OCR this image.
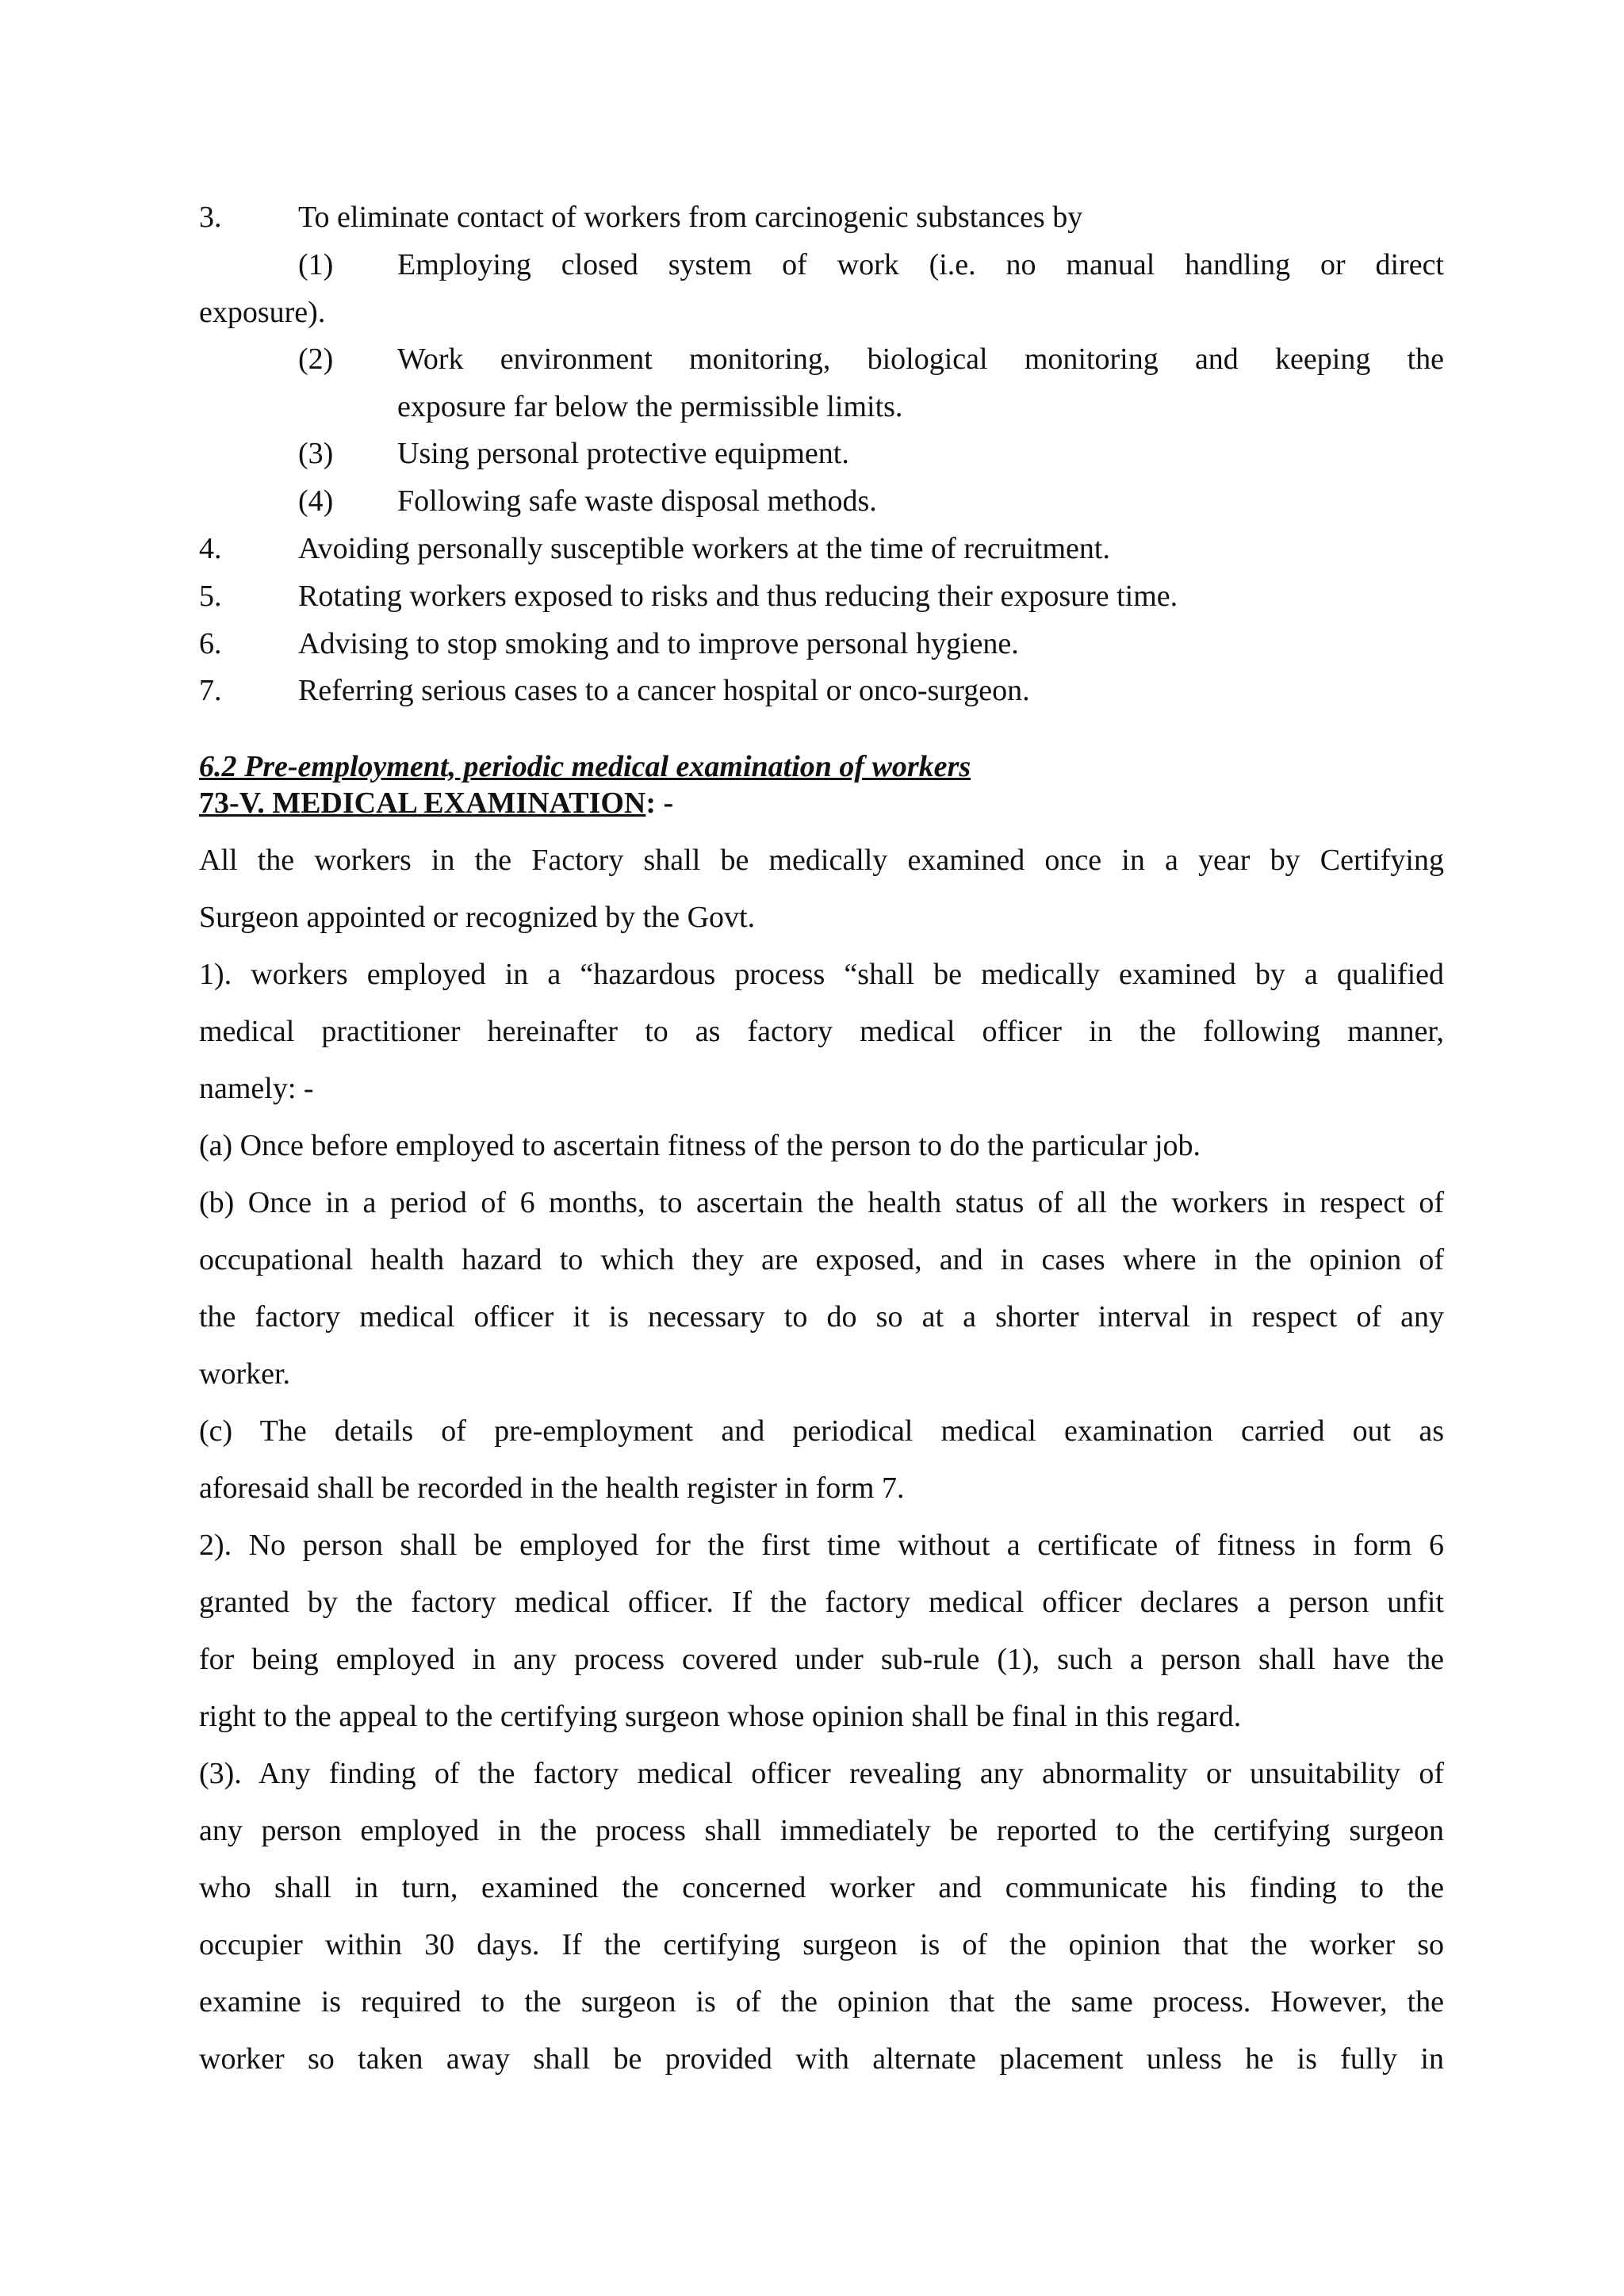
3.	To eliminate contact of workers from carcinogenic substances by
(1) Employing closed system of work (i.e. no manual handling or direct
exposure).
(2) Work environment monitoring, biological monitoring and keeping the
exposure far below the permissible limits.
(3) Using personal protective equipment.
(4) Following safe waste disposal methods.
4.	Avoiding personally susceptible workers at the time of recruitment.
5.	Rotating workers exposed to risks and thus reducing their exposure time.
6.	Advising to stop smoking and to improve personal hygiene.
7.	Referring serious cases to a cancer hospital or onco-surgeon.
6.2 Pre-employment, periodic medical examination of workers
73-V. MEDICAL EXAMINATION: -
All the workers in the Factory shall be medically examined once in a year by Certifying
Surgeon appointed or recognized by the Govt.
1). workers employed in a “hazardous process “shall be medically examined by a qualified
medical practitioner hereinafter to as factory medical officer in the following manner,
namely: -
(a) Once before employed to ascertain fitness of the person to do the particular job.
(b) Once in a period of 6 months, to ascertain the health status of all the workers in respect of
occupational health hazard to which they are exposed, and in cases where in the opinion of
the factory medical officer it is necessary to do so at a shorter interval in respect of any
worker.
(c) The details of pre-employment and periodical medical examination carried out as
aforesaid shall be recorded in the health register in form 7.
2). No person shall be employed for the first time without a certificate of fitness in form 6
granted by the factory medical officer. If the factory medical officer declares a person unfit
for being employed in any process covered under sub-rule (1), such a person shall have the
right to the appeal to the certifying surgeon whose opinion shall be final in this regard.
(3). Any finding of the factory medical officer revealing any abnormality or unsuitability of
any person employed in the process shall immediately be reported to the certifying surgeon
who shall in turn, examined the concerned worker and communicate his finding to the
occupier within 30 days. If the certifying surgeon is of the opinion that the worker so
examine is required to the surgeon is of the opinion that the same process. However, the
worker so taken away shall be provided with alternate placement unless he is fully in
